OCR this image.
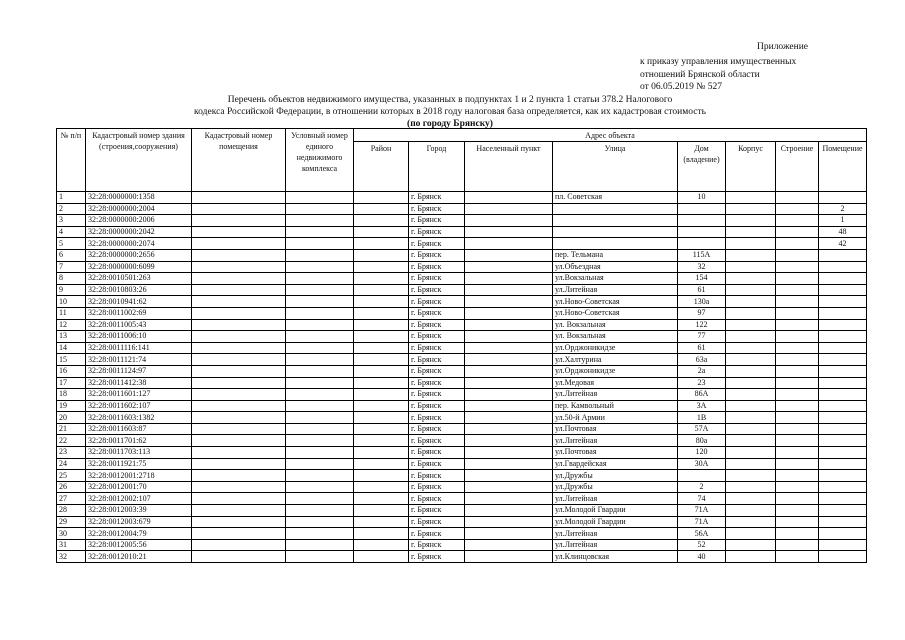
Приложение
к приказу управления имущественных
отношений Брянской области
от 06.05.2019 № 527
Перечень объектов недвижимого имущества, указанных в подпунктах 1 и 2 пункта 1 статьи 378.2 Налогового
кодекса Российской Федерации, в отношении которых в 2018 году налоговая база определяется, как их кадастровая стоимость
(по городу Брянску)
№ п/п	Кадастровый номер здания (строения,сооружения)	Кадастровый номер помещения	Условный номер единого недвижимого комплекса	Адрес объекта							
				Район	Город	Населенный пункт	Улица	Дом (владение)	Корпус	Строение	Помещение
1	32:28:0000000:1358				г. Брянск		пл. Советская	10			
2	32:28:0000000:2004				г. Брянск						2
3	32:28:0000000:2006				г. Брянск						1
4	32:28:0000000:2042				г. Брянск						48
5	32:28:0000000:2074				г. Брянск						42
6	32:28:0000000:2656				г. Брянск		пер. Тельмана	115А			
7	32:28:0000000:6099				г. Брянск		ул.Объездная	32			
8	32:28:0010501:263				г. Брянск		ул.Вокзальная	154			
9	32:28:0010803:26				г. Брянск		ул.Литейная	61			
10	32:28:0010941:62				г. Брянск		ул.Ново-Советская	130а			
11	32:28:0011002:69				г. Брянск		ул.Ново-Советская	97			
12	32:28:0011005:43				г. Брянск		ул. Вокзальная	122			
13	32:28:0011006:10				г. Брянск		ул. Вокзальная	77			
14	32:28:0011116:141				г. Брянск		ул.Орджоникидзе	61			
15	32:28:0011121:74				г. Брянск		ул.Халтурина	63а			
16	32:28:0011124:97				г. Брянск		ул.Орджоникидзе	2а			
17	32:28:0011412:38				г. Брянск		ул.Медовая	23			
18	32:28:0011601:127				г. Брянск		ул.Литейная	86А			
19	32:28:0011602:107				г. Брянск		пер. Камвольный	3А			
20	32:28:0011603:1382				г. Брянск		ул.50-й Армии	1В			
21	32:28:0011603:87				г. Брянск		ул.Почтовая	57А			
22	32:28:0011701:62				г. Брянск		ул.Литейная	80а			
23	32:28:0011703:113				г. Брянск		ул.Почтовая	120			
24	32:28:0011921:75				г. Брянск		ул.Гвардейская	30А			
25	32:28:0012001:2718				г. Брянск		ул.Дружбы				
26	32:28:0012001:70				г. Брянск		ул.Дружбы	2			
27	32:28:0012002:107				г. Брянск		ул.Литейная	74			
28	32:28:0012003:39				г. Брянск		ул.Молодой Гвардии	71А			
29	32:28:0012003:679				г. Брянск		ул.Молодой Гвардии	71А			
30	32:28:0012004:79				г. Брянск		ул.Литейная	56А			
31	32:28:0012005:56				г. Брянск		ул.Литейная	52			
32	32:28:0012010:21				г. Брянск		ул.Клинцовская	40			
